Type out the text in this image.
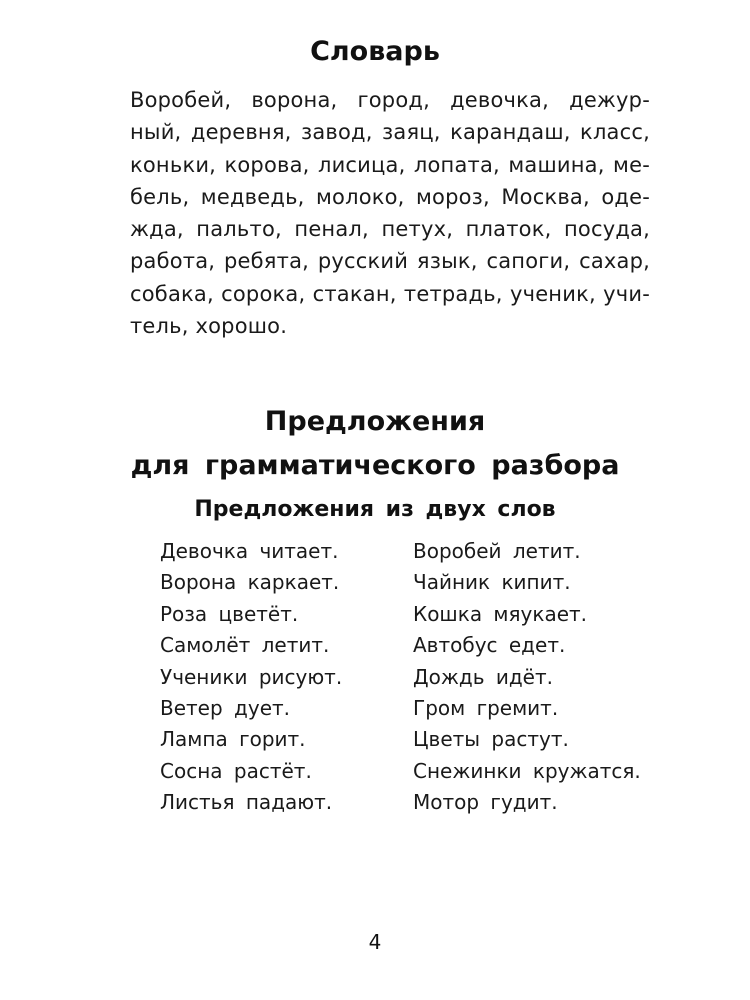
Словарь
Воробей, ворона, город, девочка, дежур-
ный, деревня, завод, заяц, карандаш, класс,
коньки, корова, лисица, лопата, машина, ме-
бель, медведь, молоко, мороз, Москва, оде-
жда, пальто, пенал, петух, платок, посуда,
работа, ребята, русский язык, сапоги, сахар,
собака, сорока, стакан, тетрадь, ученик, учи-
тель, хорошо.
Предложения
для грамматического разбора
Предложения из двух слов
Девочка читает.
Ворона каркает.
Роза цветёт.
Самолёт летит.
Ученики рисуют.
Ветер дует.
Лампа горит.
Сосна растёт.
Листья падают.
Воробей летит.
Чайник кипит.
Кошка мяукает.
Автобус едет.
Дождь идёт.
Гром гремит.
Цветы растут.
Снежинки кружатся.
Мотор гудит.
4
